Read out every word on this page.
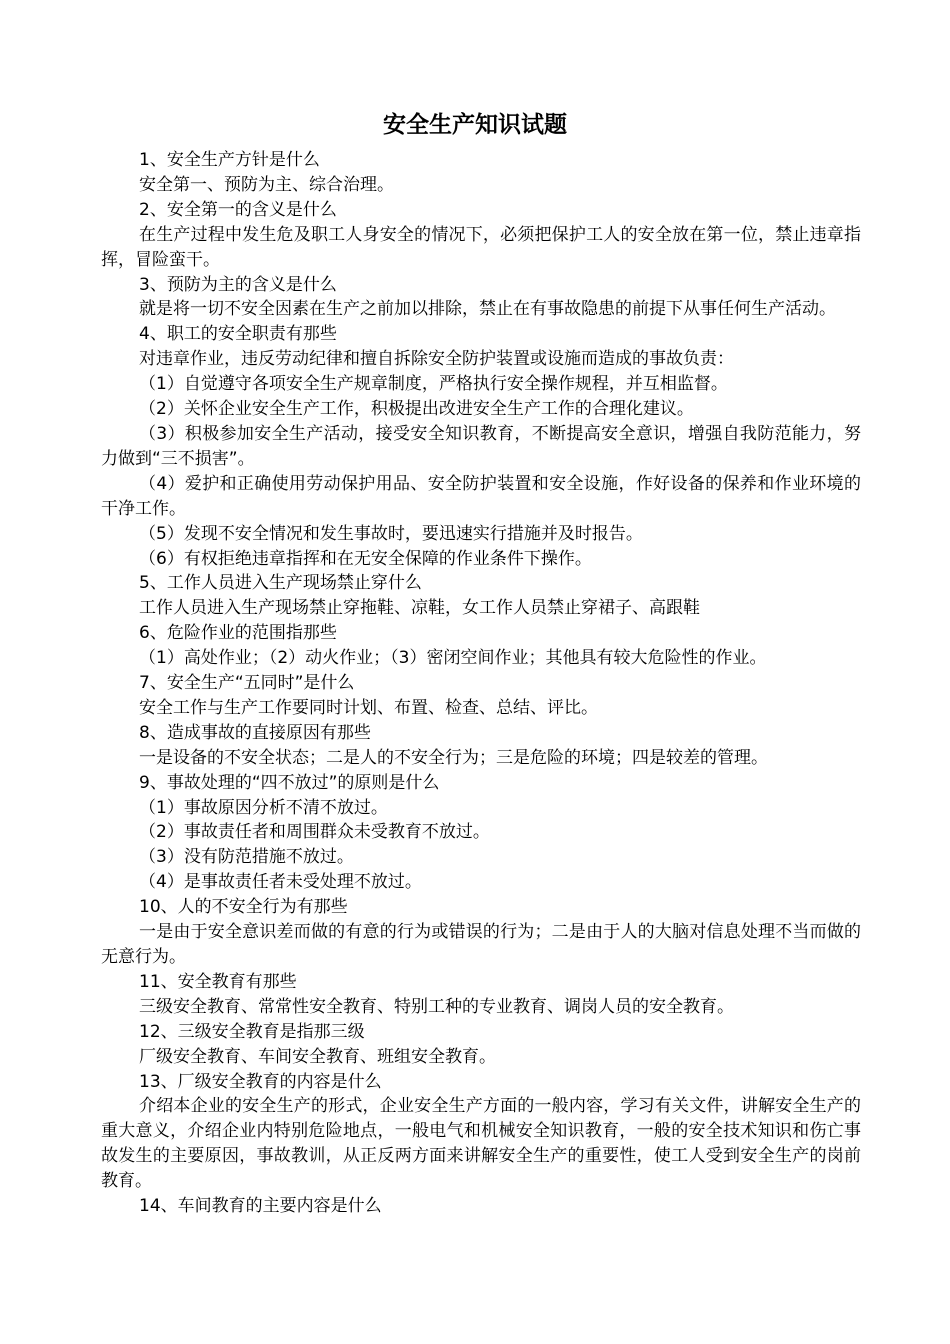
安全生产知识试题

1、安全生产方针是什么

安全第一、预防为主、综合治理。

2、安全第一的含义是什么

在生产过程中发生危及职工人身安全的情况下，必须把保护工人的安全放在第一位，禁止违章指挥，冒险蛮干。

3、预防为主的含义是什么

就是将一切不安全因素在生产之前加以排除，禁止在有事故隐患的前提下从事任何生产活动。

4、职工的安全职责有那些

对违章作业，违反劳动纪律和擅自拆除安全防护装置或设施而造成的事故负责：

（1）自觉遵守各项安全生产规章制度，严格执行安全操作规程，并互相监督。

（2）关怀企业安全生产工作，积极提出改进安全生产工作的合理化建议。

（3）积极参加安全生产活动，接受安全知识教育，不断提高安全意识，增强自我防范能力，努力做到“三不损害”。

（4）爱护和正确使用劳动保护用品、安全防护装置和安全设施，作好设备的保养和作业环境的干净工作。

（5）发现不安全情况和发生事故时，要迅速实行措施并及时报告。

（6）有权拒绝违章指挥和在无安全保障的作业条件下操作。

5、工作人员进入生产现场禁止穿什么

工作人员进入生产现场禁止穿拖鞋、凉鞋，女工作人员禁止穿裙子、高跟鞋

6、危险作业的范围指那些

（1）高处作业；（2）动火作业；（3）密闭空间作业；其他具有较大危险性的作业。

7、安全生产“五同时”是什么

安全工作与生产工作要同时计划、布置、检查、总结、评比。

8、造成事故的直接原因有那些

一是设备的不安全状态；二是人的不安全行为；三是危险的环境；四是较差的管理。

9、事故处理的“四不放过”的原则是什么

（1）事故原因分析不清不放过。

（2）事故责任者和周围群众未受教育不放过。

（3）没有防范措施不放过。

（4）是事故责任者未受处理不放过。

10、人的不安全行为有那些

一是由于安全意识差而做的有意的行为或错误的行为；二是由于人的大脑对信息处理不当而做的无意行为。

11、安全教育有那些

三级安全教育、常常性安全教育、特别工种的专业教育、调岗人员的安全教育。

12、三级安全教育是指那三级

厂级安全教育、车间安全教育、班组安全教育。

13、厂级安全教育的内容是什么

介绍本企业的安全生产的形式，企业安全生产方面的一般内容，学习有关文件，讲解安全生产的重大意义，介绍企业内特别危险地点，一般电气和机械安全知识教育，一般的安全技术知识和伤亡事故发生的主要原因，事故教训，从正反两方面来讲解安全生产的重要性，使工人受到安全生产的岗前教育。

14、车间教育的主要内容是什么
